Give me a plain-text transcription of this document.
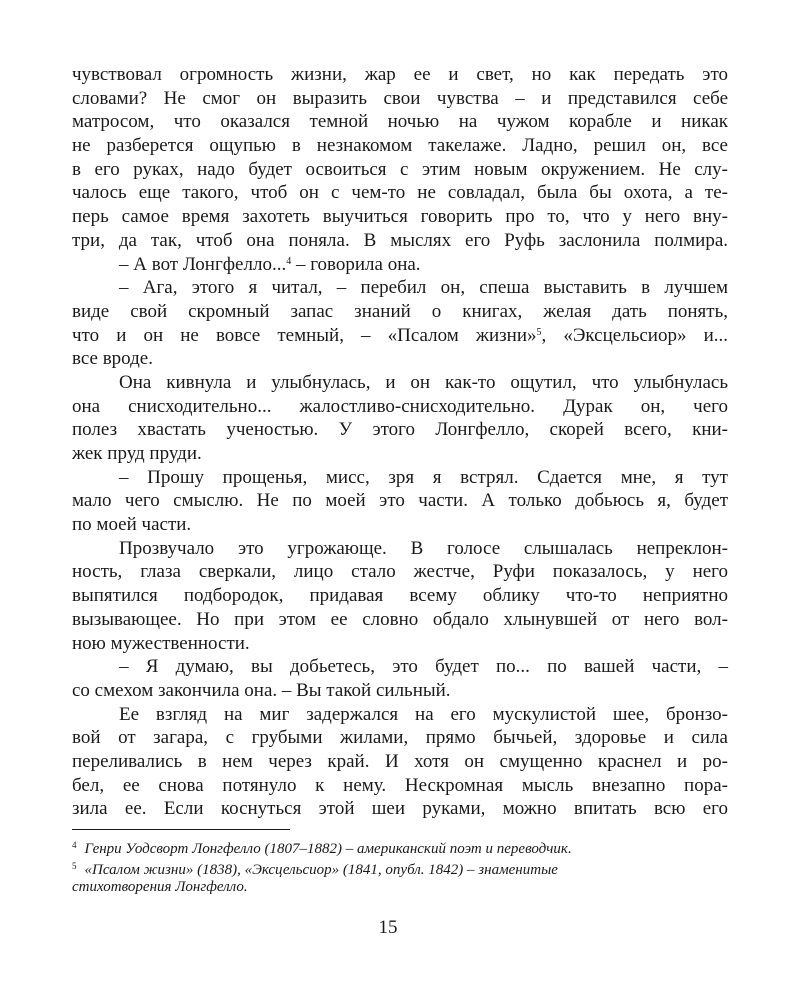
чувствовал огромность жизни, жар ее и свет, но как передать это
словами? Не смог он выразить свои чувства – и представился себе
матросом, что оказался темной ночью на чужом корабле и никак
не разберется ощупью в незнакомом такелаже. Ладно, решил он, все
в его руках, надо будет освоиться с этим новым окружением. Не слу-
чалось еще такого, чтоб он с чем-то не совладал, была бы охота, а те-
перь самое время захотеть выучиться говорить про то, что у него вну-
три, да так, чтоб она поняла. В мыслях его Руфь заслонила полмира.
– А вот Лонгфелло...$^4$ – говорила она.
– Ага, этого я читал, – перебил он, спеша выставить в лучшем
виде свой скромный запас знаний о книгах, желая дать понять,
что и он не вовсе темный, – «Псалом жизни»$^5$, «Эксцельсиор» и...
все вроде.
Она кивнула и улыбнулась, и он как-то ощутил, что улыбнулась
она снисходительно... жалостливо-снисходительно. Дурак он, чего
полез хвастать ученостью. У этого Лонгфелло, скорей всего, кни-
жек пруд пруди.
– Прошу прощенья, мисс, зря я встрял. Сдается мне, я тут
мало чего смыслю. Не по моей это части. А только добьюсь я, будет
по моей части.
Прозвучало это угрожающе. В голосе слышалась непреклон-
ность, глаза сверкали, лицо стало жестче, Руфи показалось, у него
выпятился подбородок, придавая всему облику что-то неприятно
вызывающее. Но при этом ее словно обдало хлынувшей от него вол-
ною мужественности.
– Я думаю, вы добьетесь, это будет по... по вашей части, –
со смехом закончила она. – Вы такой сильный.
Ее взгляд на миг задержался на его мускулистой шее, бронзо-
вой от загара, с грубыми жилами, прямо бычьей, здоровье и сила
переливались в нем через край. И хотя он смущенно краснел и ро-
бел, ее снова потянуло к нему. Нескромная мысль внезапно пора-
зила ее. Если коснуться этой шеи руками, можно впитать всю его
$^4$ Генри Уодсворт Лонгфелло (1807–1882) – американский поэт и переводчик.
$^5$ «Псалом жизни» (1838), «Эксцельсиор» (1841, опубл. 1842) – знаменитые
стихотворения Лонгфелло.
15
